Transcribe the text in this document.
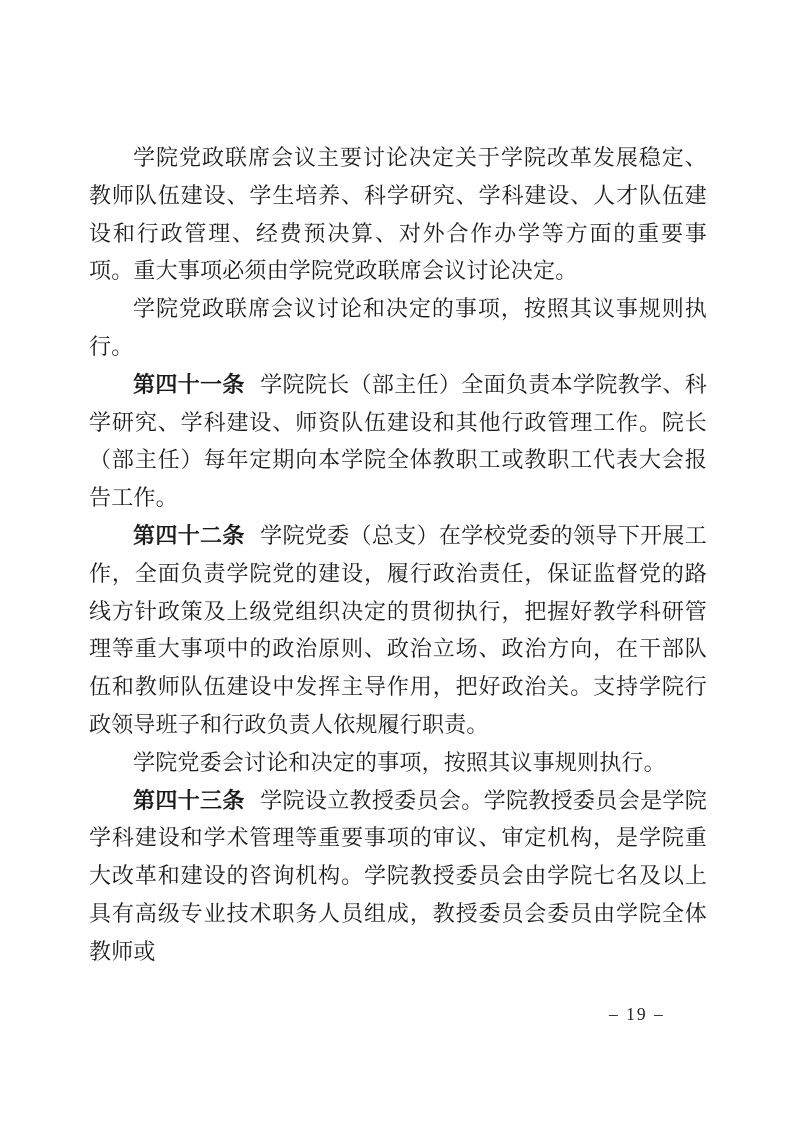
学院党政联席会议主要讨论决定关于学院改革发展稳定、教师队伍建设、学生培养、科学研究、学科建设、人才队伍建设和行政管理、经费预决算、对外合作办学等方面的重要事项。重大事项必须由学院党政联席会议讨论决定。

学院党政联席会议讨论和决定的事项，按照其议事规则执行。

第四十一条 学院院长（部主任）全面负责本学院教学、科学研究、学科建设、师资队伍建设和其他行政管理工作。院长（部主任）每年定期向本学院全体教职工或教职工代表大会报告工作。

第四十二条 学院党委（总支）在学校党委的领导下开展工作，全面负责学院党的建设，履行政治责任，保证监督党的路线方针政策及上级党组织决定的贯彻执行，把握好教学科研管理等重大事项中的政治原则、政治立场、政治方向，在干部队伍和教师队伍建设中发挥主导作用，把好政治关。支持学院行政领导班子和行政负责人依规履行职责。

学院党委会讨论和决定的事项，按照其议事规则执行。

第四十三条 学院设立教授委员会。学院教授委员会是学院学科建设和学术管理等重要事项的审议、审定机构，是学院重大改革和建设的咨询机构。学院教授委员会由学院七名及以上具有高级专业技术职务人员组成，教授委员会委员由学院全体教师或

– 19 –
